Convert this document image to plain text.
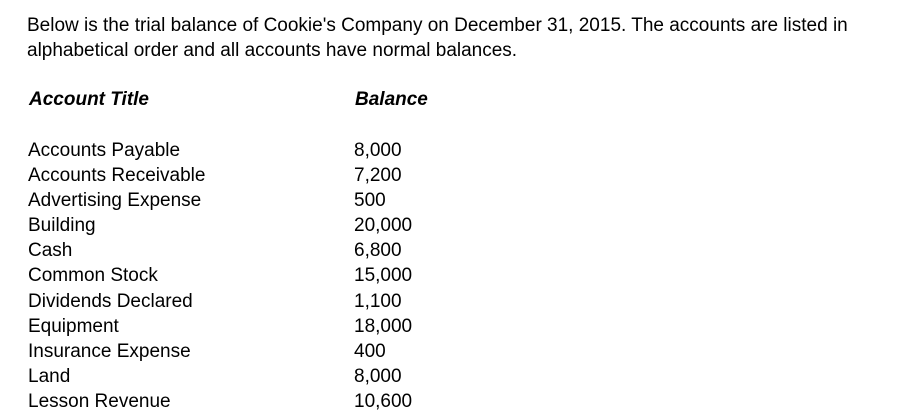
Below is the trial balance of Cookie's Company on December 31, 2015. The accounts are listed in alphabetical order and all accounts have normal balances.

Account Title	Balance
Accounts Payable	8,000
Accounts Receivable	7,200
Advertising Expense	500
Building	20,000
Cash	6,800
Common Stock	15,000
Dividends Declared	1,100
Equipment	18,000
Insurance Expense	400
Land	8,000
Lesson Revenue	10,600
